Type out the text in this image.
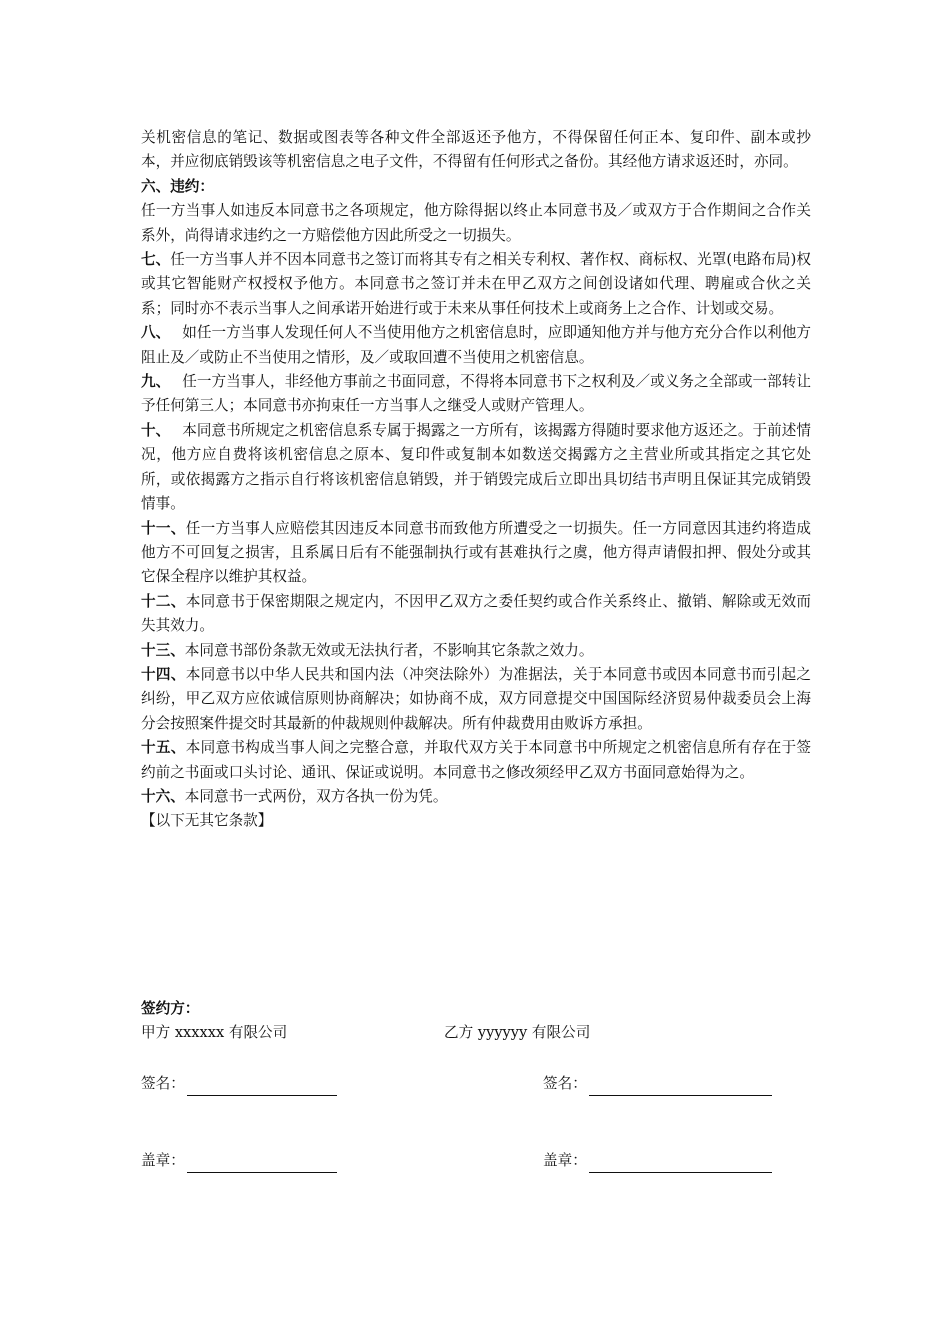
关机密信息的笔记、数据或图表等各种文件全部返还予他方，不得保留任何正本、复印件、副本或抄本，并应彻底销毁该等机密信息之电子文件，不得留有任何形式之备份。其经他方请求返还时，亦同。

六、违约：

任一方当事人如违反本同意书之各项规定，他方除得据以终止本同意书及／或双方于合作期间之合作关系外，尚得请求违约之一方赔偿他方因此所受之一切损失。

七、任一方当事人并不因本同意书之签订而将其专有之相关专利权、著作权、商标权、光罩(电路布局)权或其它智能财产权授权予他方。本同意书之签订并未在甲乙双方之间创设诸如代理、聘雇或合伙之关系；同时亦不表示当事人之间承诺开始进行或于未来从事任何技术上或商务上之合作、计划或交易。

八、 如任一方当事人发现任何人不当使用他方之机密信息时，应即通知他方并与他方充分合作以利他方阻止及／或防止不当使用之情形，及／或取回遭不当使用之机密信息。

九、 任一方当事人，非经他方事前之书面同意，不得将本同意书下之权利及／或义务之全部或一部转让予任何第三人；本同意书亦拘束任一方当事人之继受人或财产管理人。

十、 本同意书所规定之机密信息系专属于揭露之一方所有，该揭露方得随时要求他方返还之。于前述情况，他方应自费将该机密信息之原本、复印件或复制本如数送交揭露方之主营业所或其指定之其它处所，或依揭露方之指示自行将该机密信息销毁，并于销毁完成后立即出具切结书声明且保证其完成销毁情事。

十一、任一方当事人应赔偿其因违反本同意书而致他方所遭受之一切损失。任一方同意因其违约将造成他方不可回复之损害，且系属日后有不能强制执行或有甚难执行之虞，他方得声请假扣押、假处分或其它保全程序以维护其权益。

十二、本同意书于保密期限之规定内，不因甲乙双方之委任契约或合作关系终止、撤销、解除或无效而失其效力。

十三、本同意书部份条款无效或无法执行者，不影响其它条款之效力。

十四、本同意书以中华人民共和国内法（冲突法除外）为准据法，关于本同意书或因本同意书而引起之纠纷，甲乙双方应依诚信原则协商解决；如协商不成，双方同意提交中国国际经济贸易仲裁委员会上海分会按照案件提交时其最新的仲裁规则仲裁解决。所有仲裁费用由败诉方承担。

十五、本同意书构成当事人间之完整合意，并取代双方关于本同意书中所规定之机密信息所有存在于签约前之书面或口头讨论、通讯、保证或说明。本同意书之修改须经甲乙双方书面同意始得为之。

十六、本同意书一式两份，双方各执一份为凭。

【以下无其它条款】

签约方：
甲方 xxxxxx 有限公司	乙方 yyyyyy 有限公司
签名：	签名：
盖章：	盖章：
